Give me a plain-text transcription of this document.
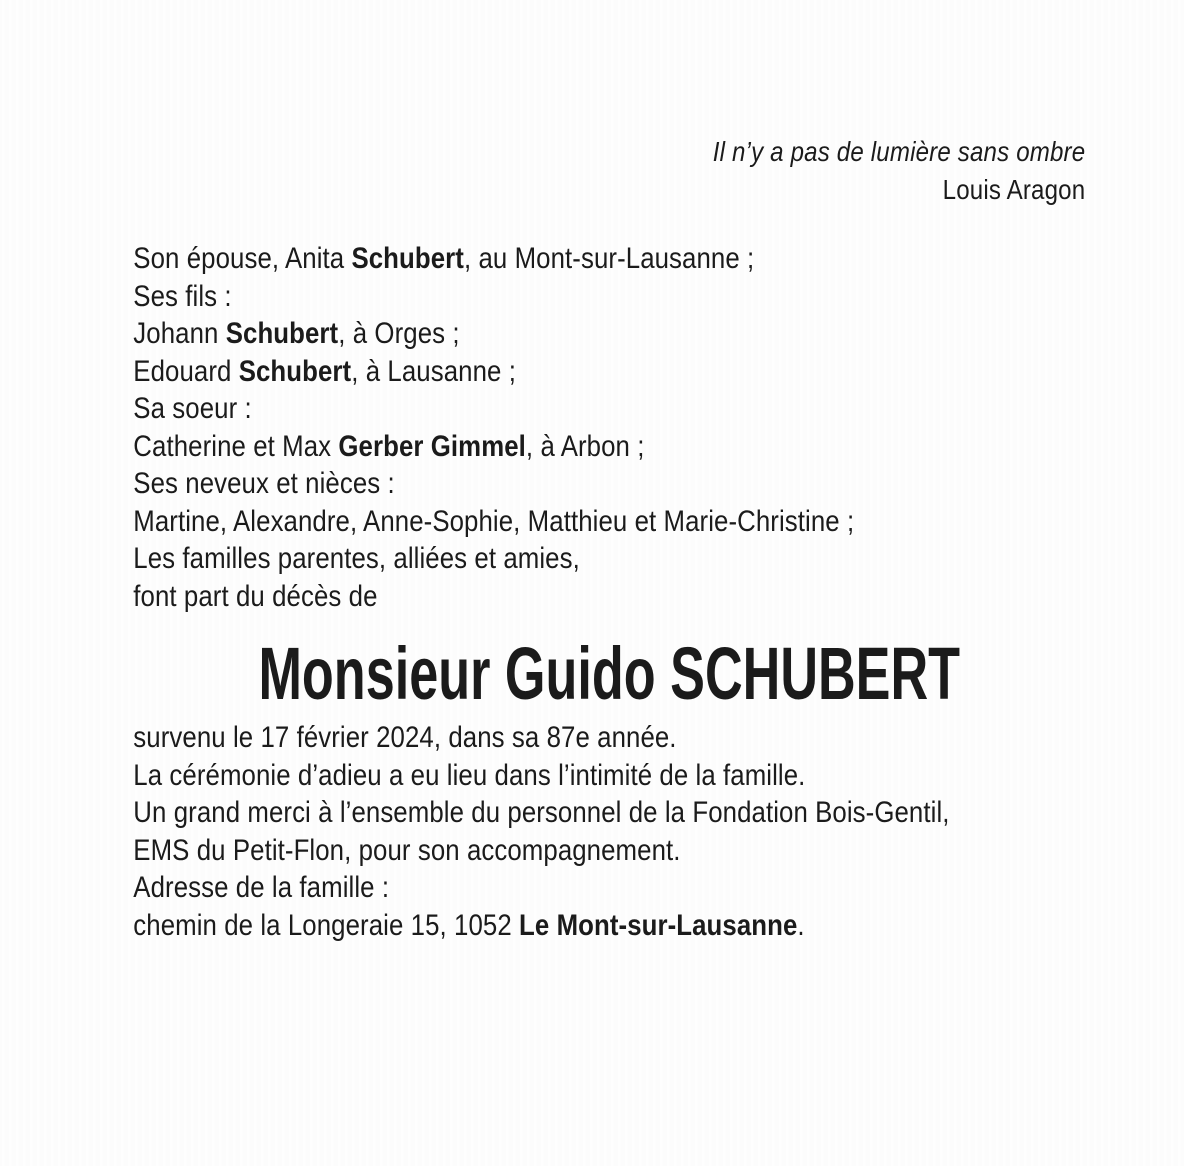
Il n’y a pas de lumière sans ombre
Louis Aragon
Son épouse, Anita Schubert, au Mont-sur-Lausanne ;
Ses fils :
Johann Schubert, à Orges ;
Edouard Schubert, à Lausanne ;
Sa soeur :
Catherine et Max Gerber Gimmel, à Arbon ;
Ses neveux et nièces :
Martine, Alexandre, Anne-Sophie, Matthieu et Marie-Christine ;
Les familles parentes, alliées et amies,
font part du décès de
Monsieur Guido SCHUBERT
survenu le 17 février 2024, dans sa 87e année.
La cérémonie d’adieu a eu lieu dans l’intimité de la famille.
Un grand merci à l’ensemble du personnel de la Fondation Bois-Gentil,
EMS du Petit-Flon, pour son accompagnement.
Adresse de la famille :
chemin de la Longeraie 15, 1052 Le Mont-sur-Lausanne.
